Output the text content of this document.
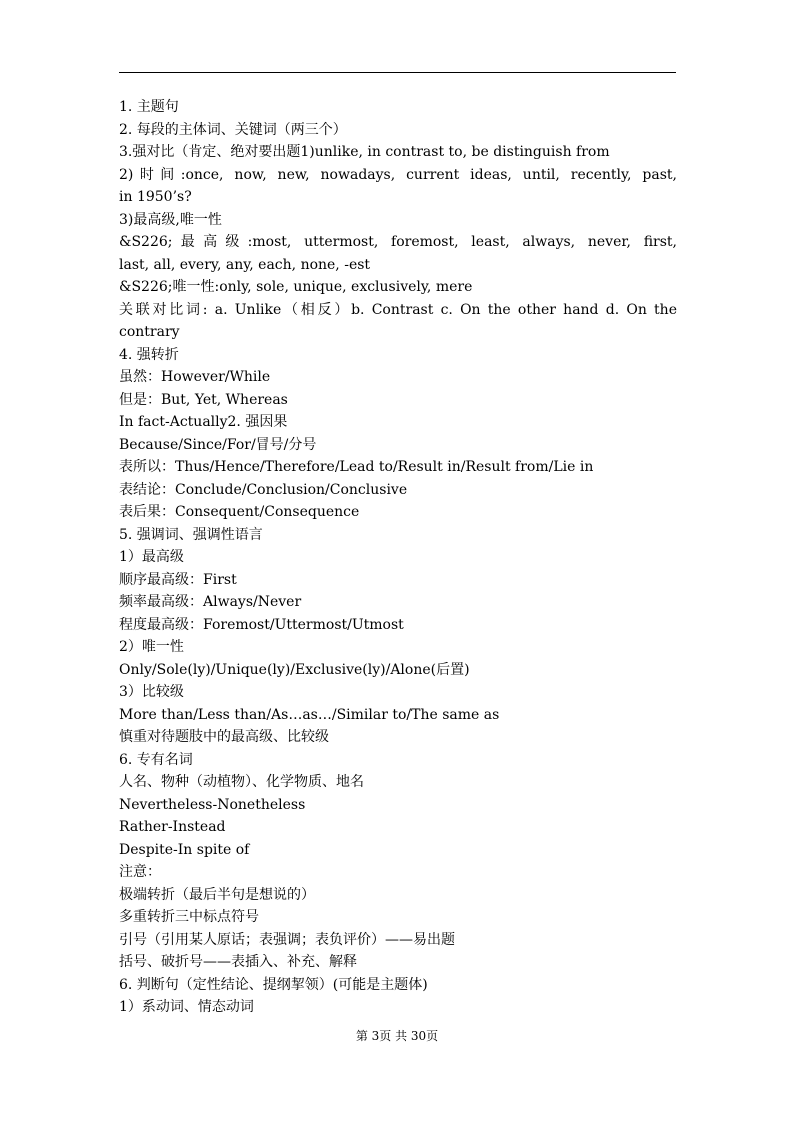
1. 主题句
2. 每段的主体词、关键词（两三个）
3.强对比（肯定、绝对要出题1)unlike, in contrast to, be distinguish from
2)时间:once, now, new, nowadays, current ideas, until, recently, past,
in 1950’s?
3)最高级,唯一性
&S226;最高级:most, uttermost, foremost, least, always, never, first,
last, all, every, any, each, none, -est
&S226;唯一性:only, sole, unique, exclusively, mere
关联对比词: a. Unlike（相反）b. Contrast c. On the other hand d. On the
contrary
4. 强转折
虽然：However/While
但是：But, Yet, Whereas
In fact-Actually2. 强因果
Because/Since/For/冒号/分号
表所以：Thus/Hence/Therefore/Lead to/Result in/Result from/Lie in
表结论：Conclude/Conclusion/Conclusive
表后果：Consequent/Consequence
5. 强调词、强调性语言
1）最高级
顺序最高级：First
频率最高级：Always/Never
程度最高级：Foremost/Uttermost/Utmost
2）唯一性
Only/Sole(ly)/Unique(ly)/Exclusive(ly)/Alone(后置)
3）比较级
More than/Less than/As…as…/Similar to/The same as
慎重对待题肢中的最高级、比较级
6. 专有名词
人名、物种（动植物）、化学物质、地名
Nevertheless-Nonetheless
Rather-Instead
Despite-In spite of
注意：
极端转折（最后半句是想说的）
多重转折三中标点符号
引号（引用某人原话；表强调；表负评价）——易出题
括号、破折号——表插入、补充、解释
6. 判断句（定性结论、提纲挈领）(可能是主题体)
1）系动词、情态动词
第 3页 共 30页
